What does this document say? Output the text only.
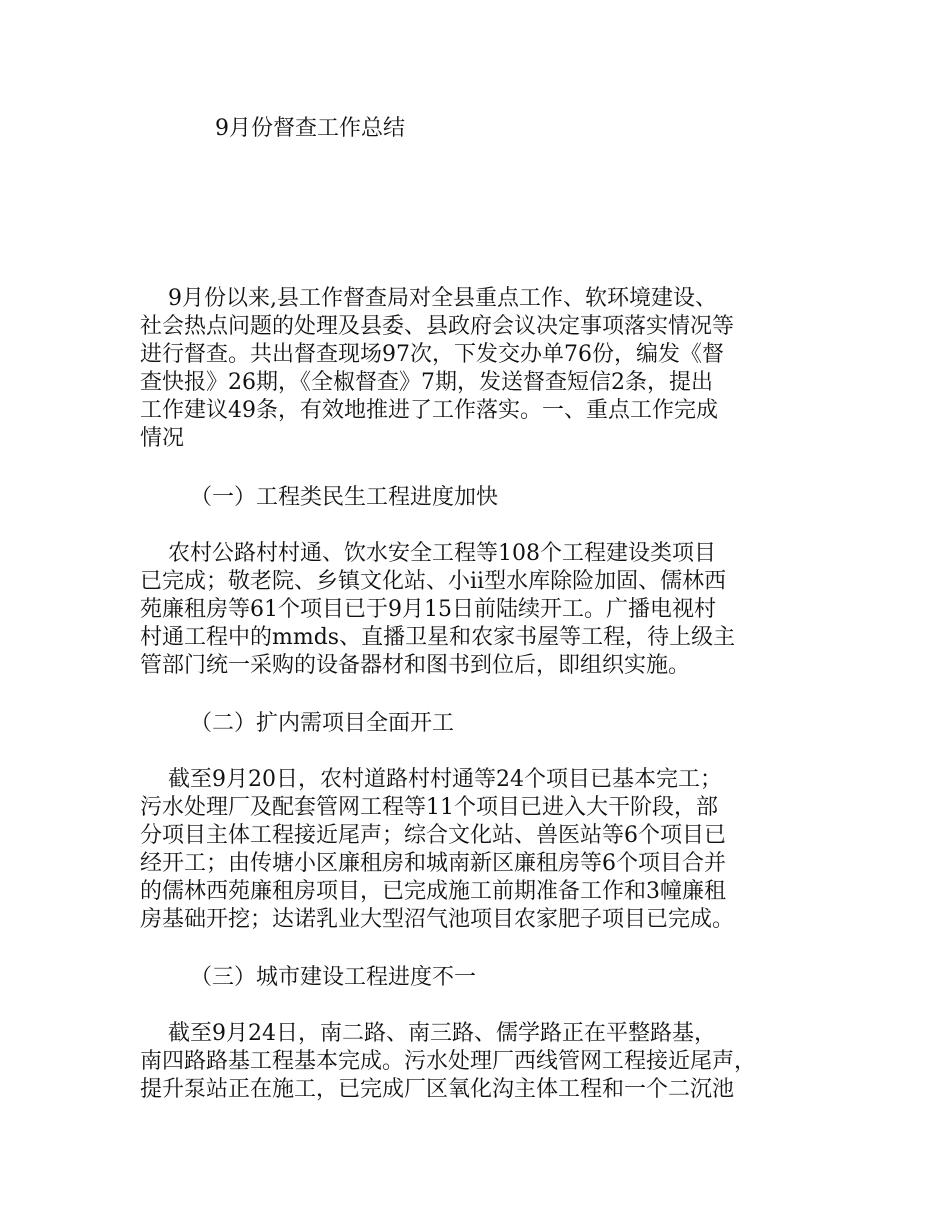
9月份督查工作总结
9月份以来,县工作督查局对全县重点工作、软环境建设、
社会热点问题的处理及县委、县政府会议决定事项落实情况等
进行督查。共出督查现场97次，下发交办单76份，编发《督
查快报》26期，《全椒督查》7期，发送督查短信2条，提出
工作建议49条，有效地推进了工作落实。一、重点工作完成
情况
（一）工程类民生工程进度加快
农村公路村村通、饮水安全工程等108个工程建设类项目
已完成；敬老院、乡镇文化站、小ii型水库除险加固、儒林西
苑廉租房等61个项目已于9月15日前陆续开工。广播电视村
村通工程中的mmds、直播卫星和农家书屋等工程，待上级主
管部门统一采购的设备器材和图书到位后，即组织实施。
（二）扩内需项目全面开工
截至9月20日，农村道路村村通等24个项目已基本完工；
污水处理厂及配套管网工程等11个项目已进入大干阶段，部
分项目主体工程接近尾声；综合文化站、兽医站等6个项目已
经开工；由传塘小区廉租房和城南新区廉租房等6个项目合并
的儒林西苑廉租房项目，已完成施工前期准备工作和3幢廉租
房基础开挖；达诺乳业大型沼气池项目农家肥子项目已完成。
（三）城市建设工程进度不一
截至9月24日，南二路、南三路、儒学路正在平整路基，
南四路路基工程基本完成。污水处理厂西线管网工程接近尾声，
提升泵站正在施工，已完成厂区氧化沟主体工程和一个二沉池
